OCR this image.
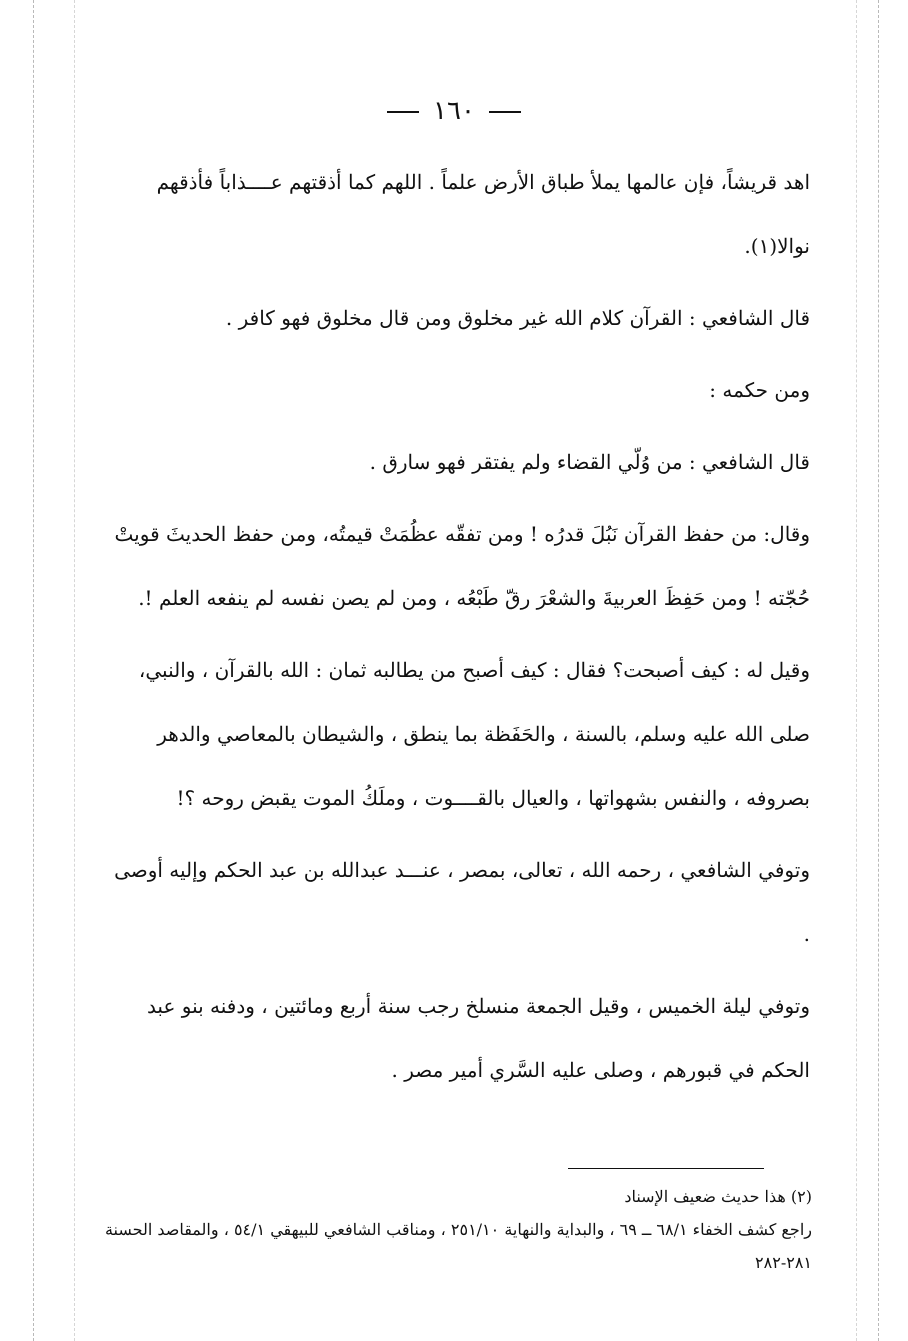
١٦٠

اهد قريشاً، فإن عالمها يملأ طباق الأرض علماً . اللهم كما أذقتهم عــــذاباً فأذقهم نوالا(١).

قال الشافعي : القرآن كلام الله غير مخلوق ومن قال مخلوق فهو كافر .

ومن حكمه :

قال الشافعي : من وُلّي القضاء ولم يفتقر فهو سارق .

وقال: من حفظ القرآن نَبُلَ قدرُه ! ومن تفقّه عظُمَتْ قيمتُه، ومن حفظ الحديثَ قويتْ حُجّته ! ومن حَفِظَ العربيةَ والشعْرَ رقّ طَبْعُه ، ومن لم يصن نفسه لم ينفعه العلم !.

وقيل له : كيف أصبحت؟ فقال : كيف أصبح من يطالبه ثمان : الله بالقرآن ، والنبي، صلى الله عليه وسلم، بالسنة ، والحَفَظة بما ينطق ، والشيطان بالمعاصي والدهر بصروفه ، والنفس بشهواتها ، والعيال بالقــــوت ، وملَكُ الموت يقبض روحه ؟!

وتوفي الشافعي ، رحمه الله ، تعالى، بمصر ، عنـــد عبدالله بن عبد الحكم وإليه أوصى .

وتوفي ليلة الخميس ، وقيل الجمعة منسلخ رجب سنة أربع ومائتين ، ودفنه بنو عبد الحكم في قبورهم ، وصلى عليه السَّري أمير مصر .

(٢) هذا حديث ضعيف الإسناد

راجع كشف الخفاء ٦٨/١ ــ ٦٩ ، والبداية والنهاية ٢٥١/١٠ ، ومناقب الشافعي للبيهقي ٥٤/١ ، والمقاصد الحسنة ٢٨١-٢٨٢
